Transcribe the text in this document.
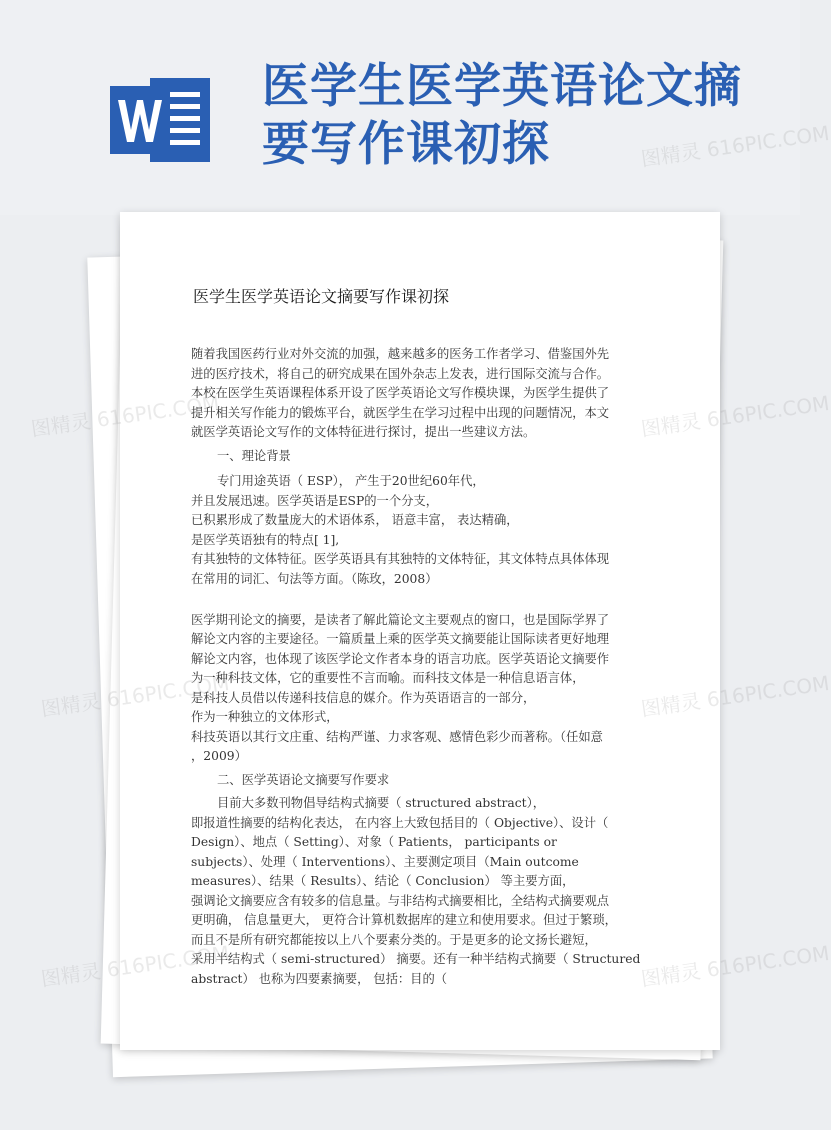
医学生医学英语论文摘
要写作课初探
医学生医学英语论文摘要写作课初探
随着我国医药行业对外交流的加强，越来越多的医务工作者学习、借鉴国外先
进的医疗技术，将自己的研究成果在国外杂志上发表，进行国际交流与合作。
本校在医学生英语课程体系开设了医学英语论文写作模块课，为医学生提供了
提升相关写作能力的锻炼平台，就医学生在学习过程中出现的问题情况，本文
就医学英语论文写作的文体特征进行探讨，提出一些建议方法。
一、理论背景
专门用途英语（ ESP）， 产生于20世纪60年代，
并且发展迅速。医学英语是ESP的一个分支，
已积累形成了数量庞大的术语体系， 语意丰富， 表达精确，
是医学英语独有的特点[ 1],
有其独特的文体特征。医学英语具有其独特的文体特征，其文体特点具体体现
在常用的词汇、句法等方面。（陈玫，2008）
医学期刊论文的摘要，是读者了解此篇论文主要观点的窗口，也是国际学界了
解论文内容的主要途径。一篇质量上乘的医学英文摘要能让国际读者更好地理
解论文内容，也体现了该医学论文作者本身的语言功底。医学英语论文摘要作
为一种科技文体，它的重要性不言而喻。而科技文体是一种信息语言体，
是科技人员借以传递科技信息的媒介。作为英语语言的一部分，
作为一种独立的文体形式，
科技英语以其行文庄重、结构严谨、力求客观、感情色彩少而著称。（任如意
，2009）
二、医学英语论文摘要写作要求
目前大多数刊物倡导结构式摘要（ structured abstract），
即报道性摘要的结构化表达， 在内容上大致包括目的（ Objective）、设计（
Design）、地点（ Setting）、对象（ Patients， participants or
subjects）、处理（ Interventions）、主要测定项目（Main outcome
measures）、结果（ Results）、结论（ Conclusion） 等主要方面，
强调论文摘要应含有较多的信息量。与非结构式摘要相比，全结构式摘要观点
更明确， 信息量更大， 更符合计算机数据库的建立和使用要求。但过于繁琐，
而且不是所有研究都能按以上八个要素分类的。于是更多的论文扬长避短，
采用半结构式（ semi-structured） 摘要。还有一种半结构式摘要（ Structured
abstract） 也称为四要素摘要， 包括：目的（
图精灵 616PIC.COM
图精灵 616PIC.COM	图精灵 616PIC.COM
图精灵 616PIC.COM	图精灵 616PIC.COM
图精灵 616PIC.COM	图精灵 616PIC.COM
